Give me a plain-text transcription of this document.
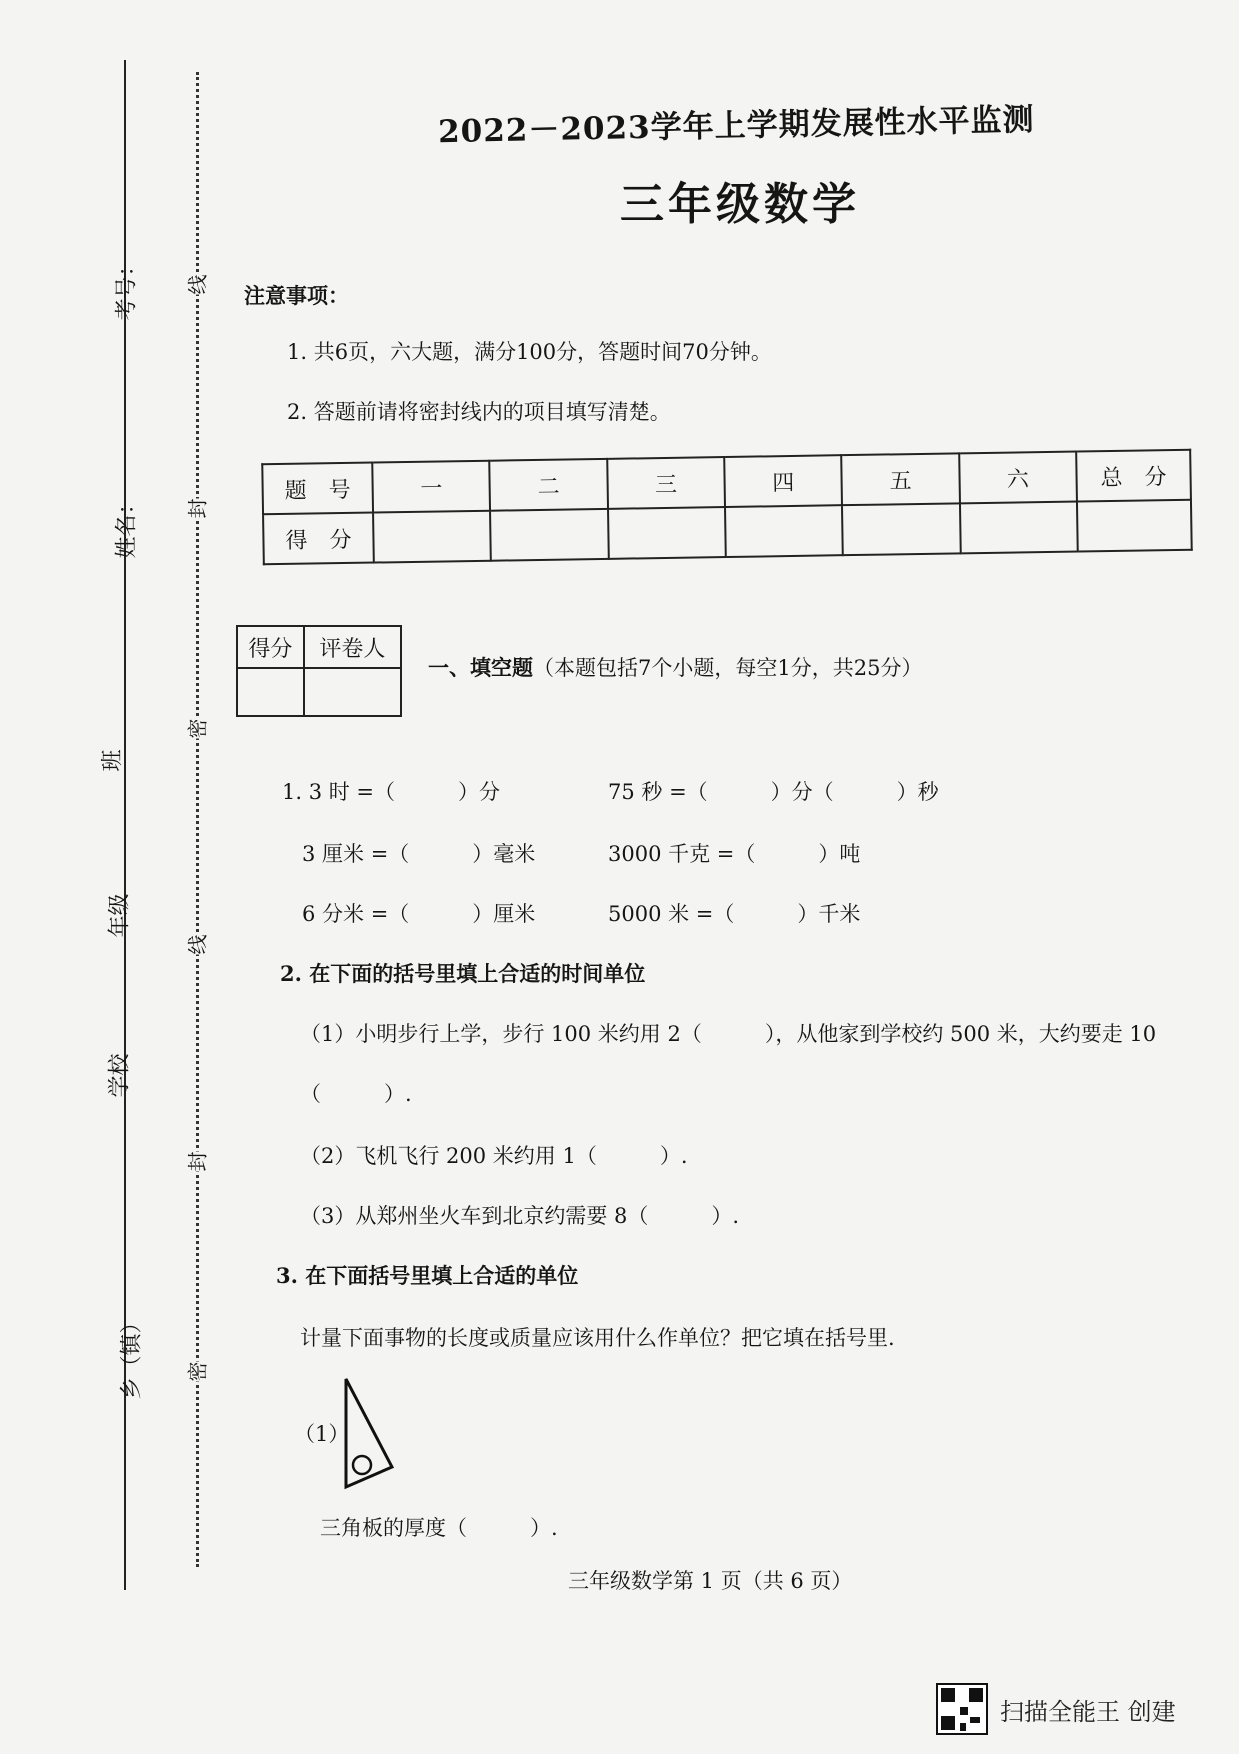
考号：
姓名：
班
年级
学校
乡（镇）
线
封
密
线
封
密
2022－2023学年上学期发展性水平监测
三年级数学
注意事项：
1. 共6页，六大题，满分100分，答题时间70分钟。
2. 答题前请将密封线内的项目填写清楚。
题　号	一	二	三	四	五	六	总　分
得　分							
得分	评卷人

一、填空题（本题包括7个小题，每空1分，共25分）
1. 3 时 =（　　　）分	75 秒 =（　　　）分（　　　）秒
3 厘米 =（　　　）毫米	3000 千克 =（　　　）吨
6 分米 =（　　　）厘米	5000 米 =（　　　）千米
2. 在下面的括号里填上合适的时间单位
（1）小明步行上学，步行 100 米约用 2（　　　），从他家到学校约 500 米，大约要走 10
（　　　）.
（2）飞机飞行 200 米约用 1（　　　）.
（3）从郑州坐火车到北京约需要 8（　　　）.
3. 在下面括号里填上合适的单位
计量下面事物的长度或质量应该用什么作单位？把它填在括号里.
（1）
三角板的厚度（　　　）.
三年级数学第 1 页（共 6 页）
扫描全能王 创建
